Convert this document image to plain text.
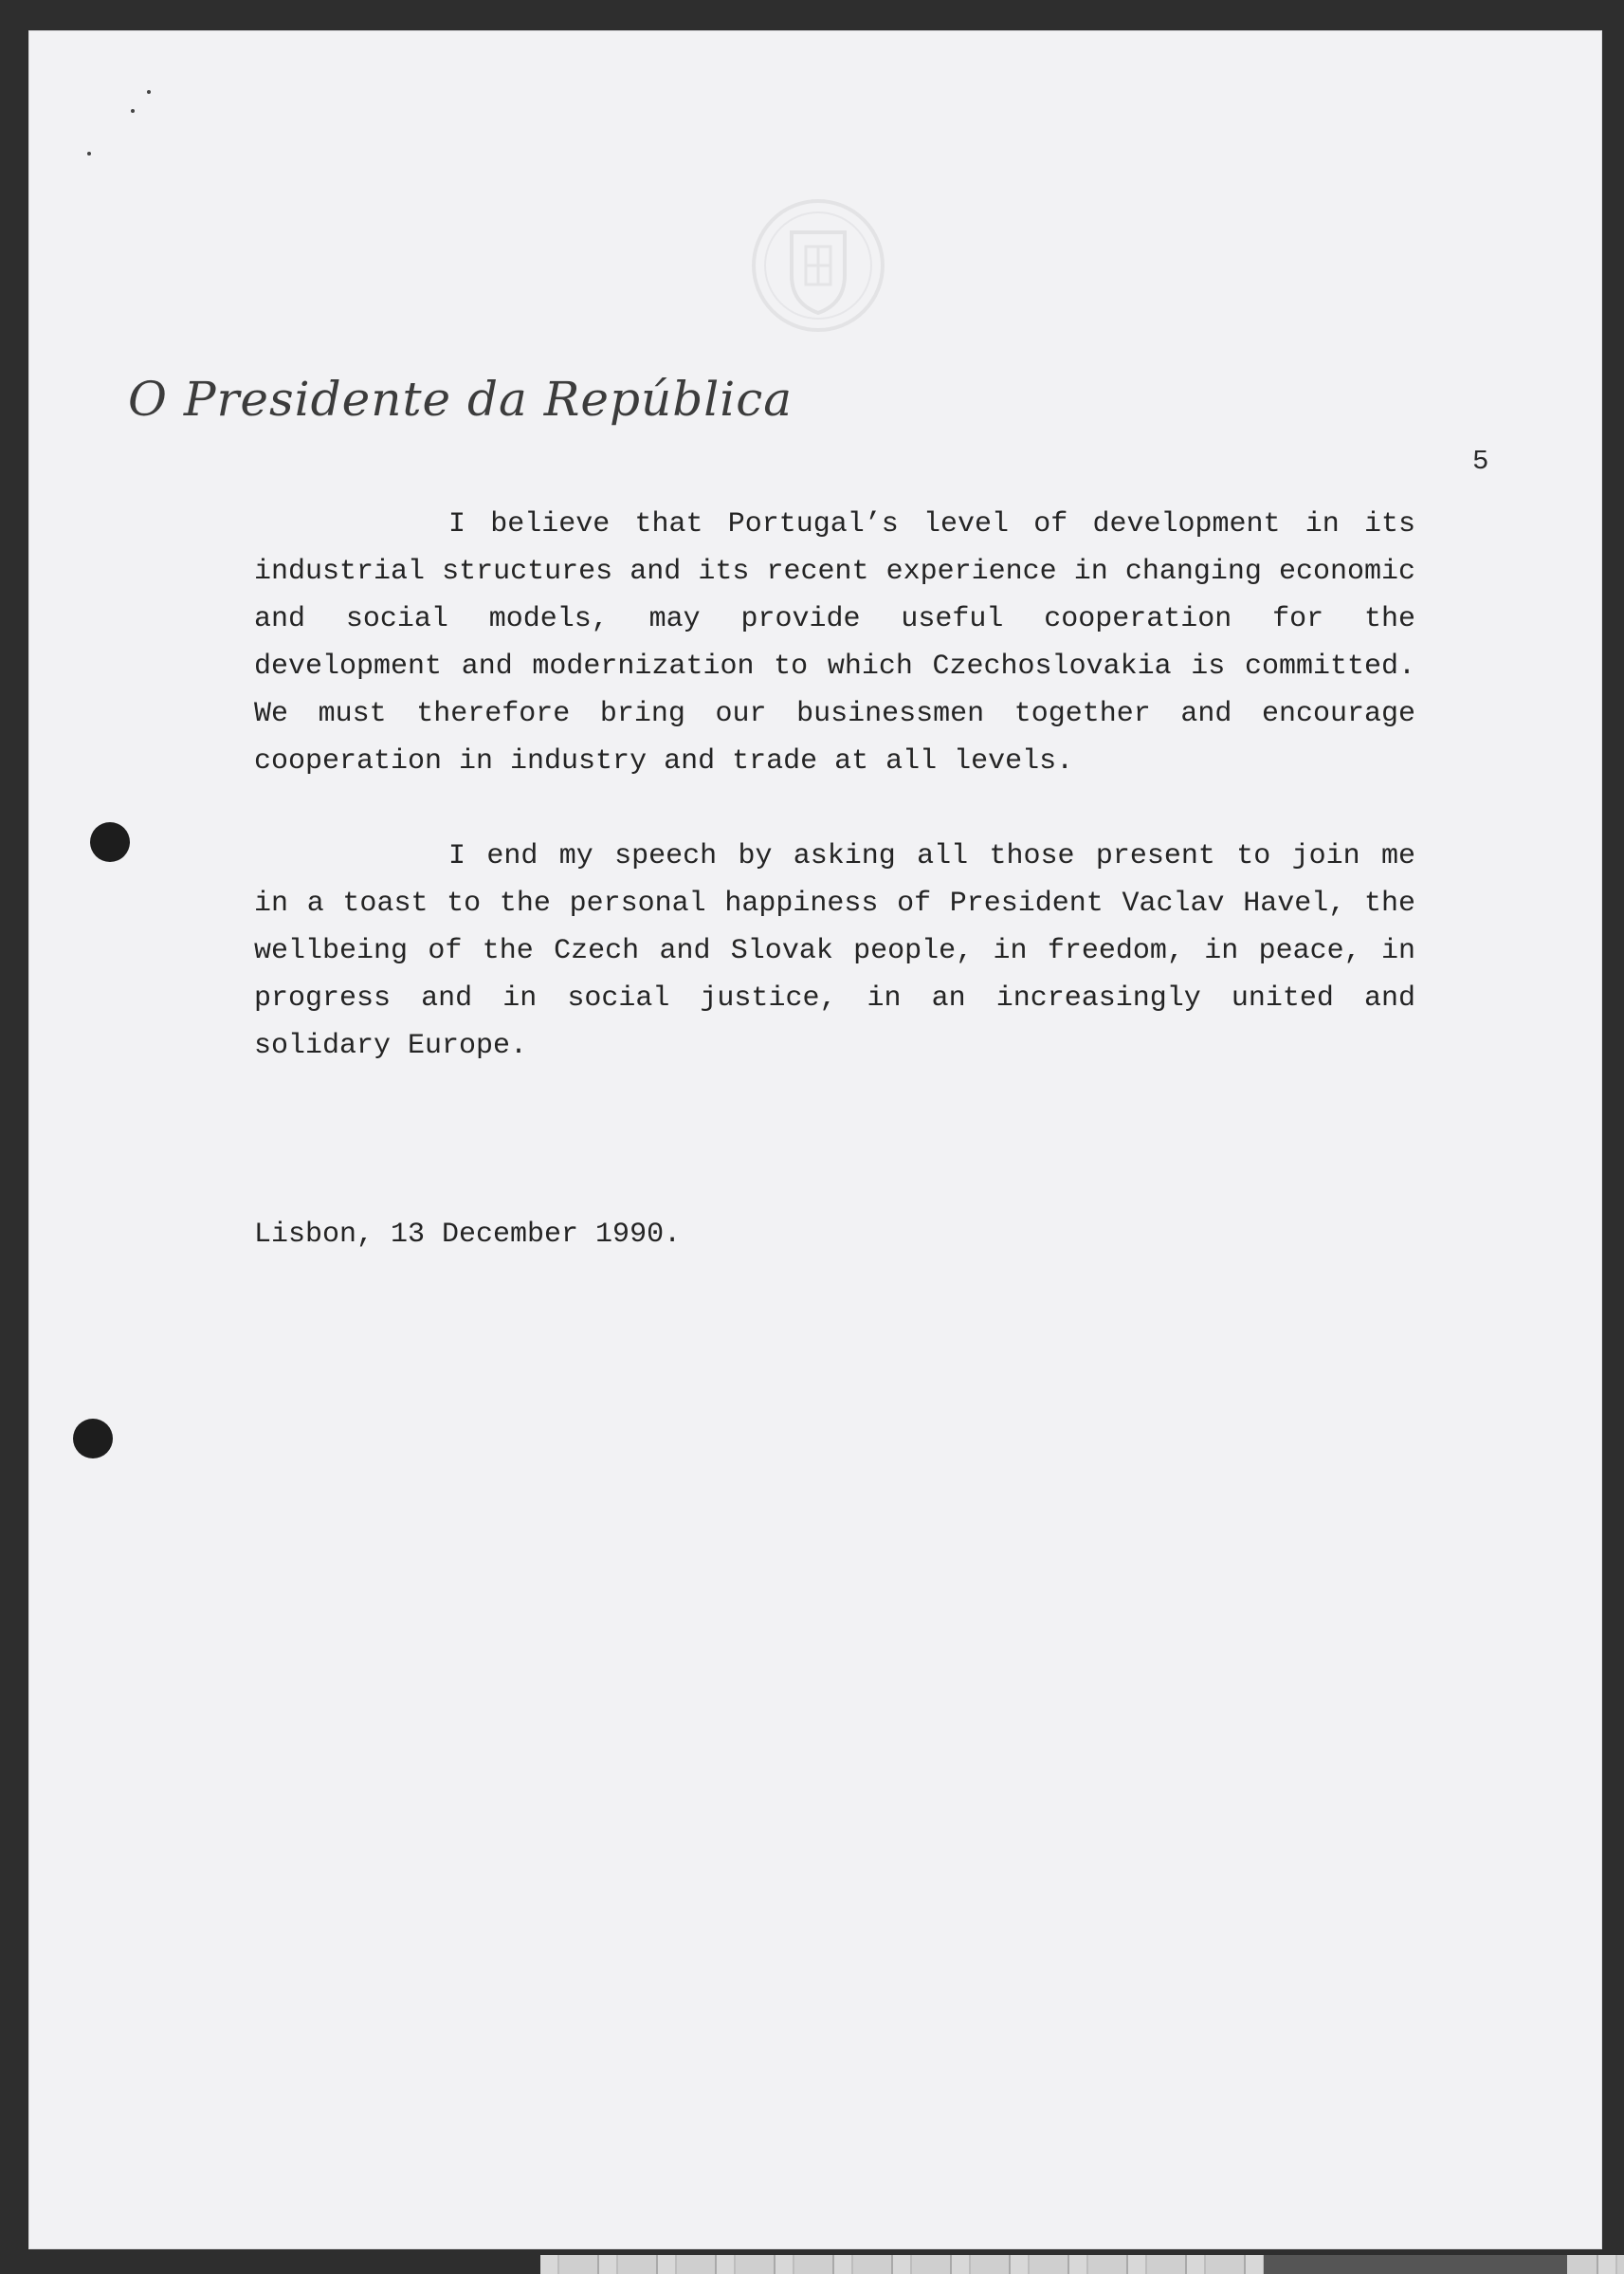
O Presidente da República
5

I believe that Portugal’s level of development in its industrial structures and its recent experience in changing economic and social models, may provide useful cooperation for the development and modernization to which Czechoslovakia is committed. We must therefore bring our businessmen together and encourage cooperation in industry and trade at all levels.

I end my speech by asking all those present to join me in a toast to the personal happiness of President Vaclav Havel, the wellbeing of the Czech and Slovak people, in freedom, in peace, in progress and in social justice, in an increasingly united and solidary Europe.

Lisbon, 13 December 1990.
